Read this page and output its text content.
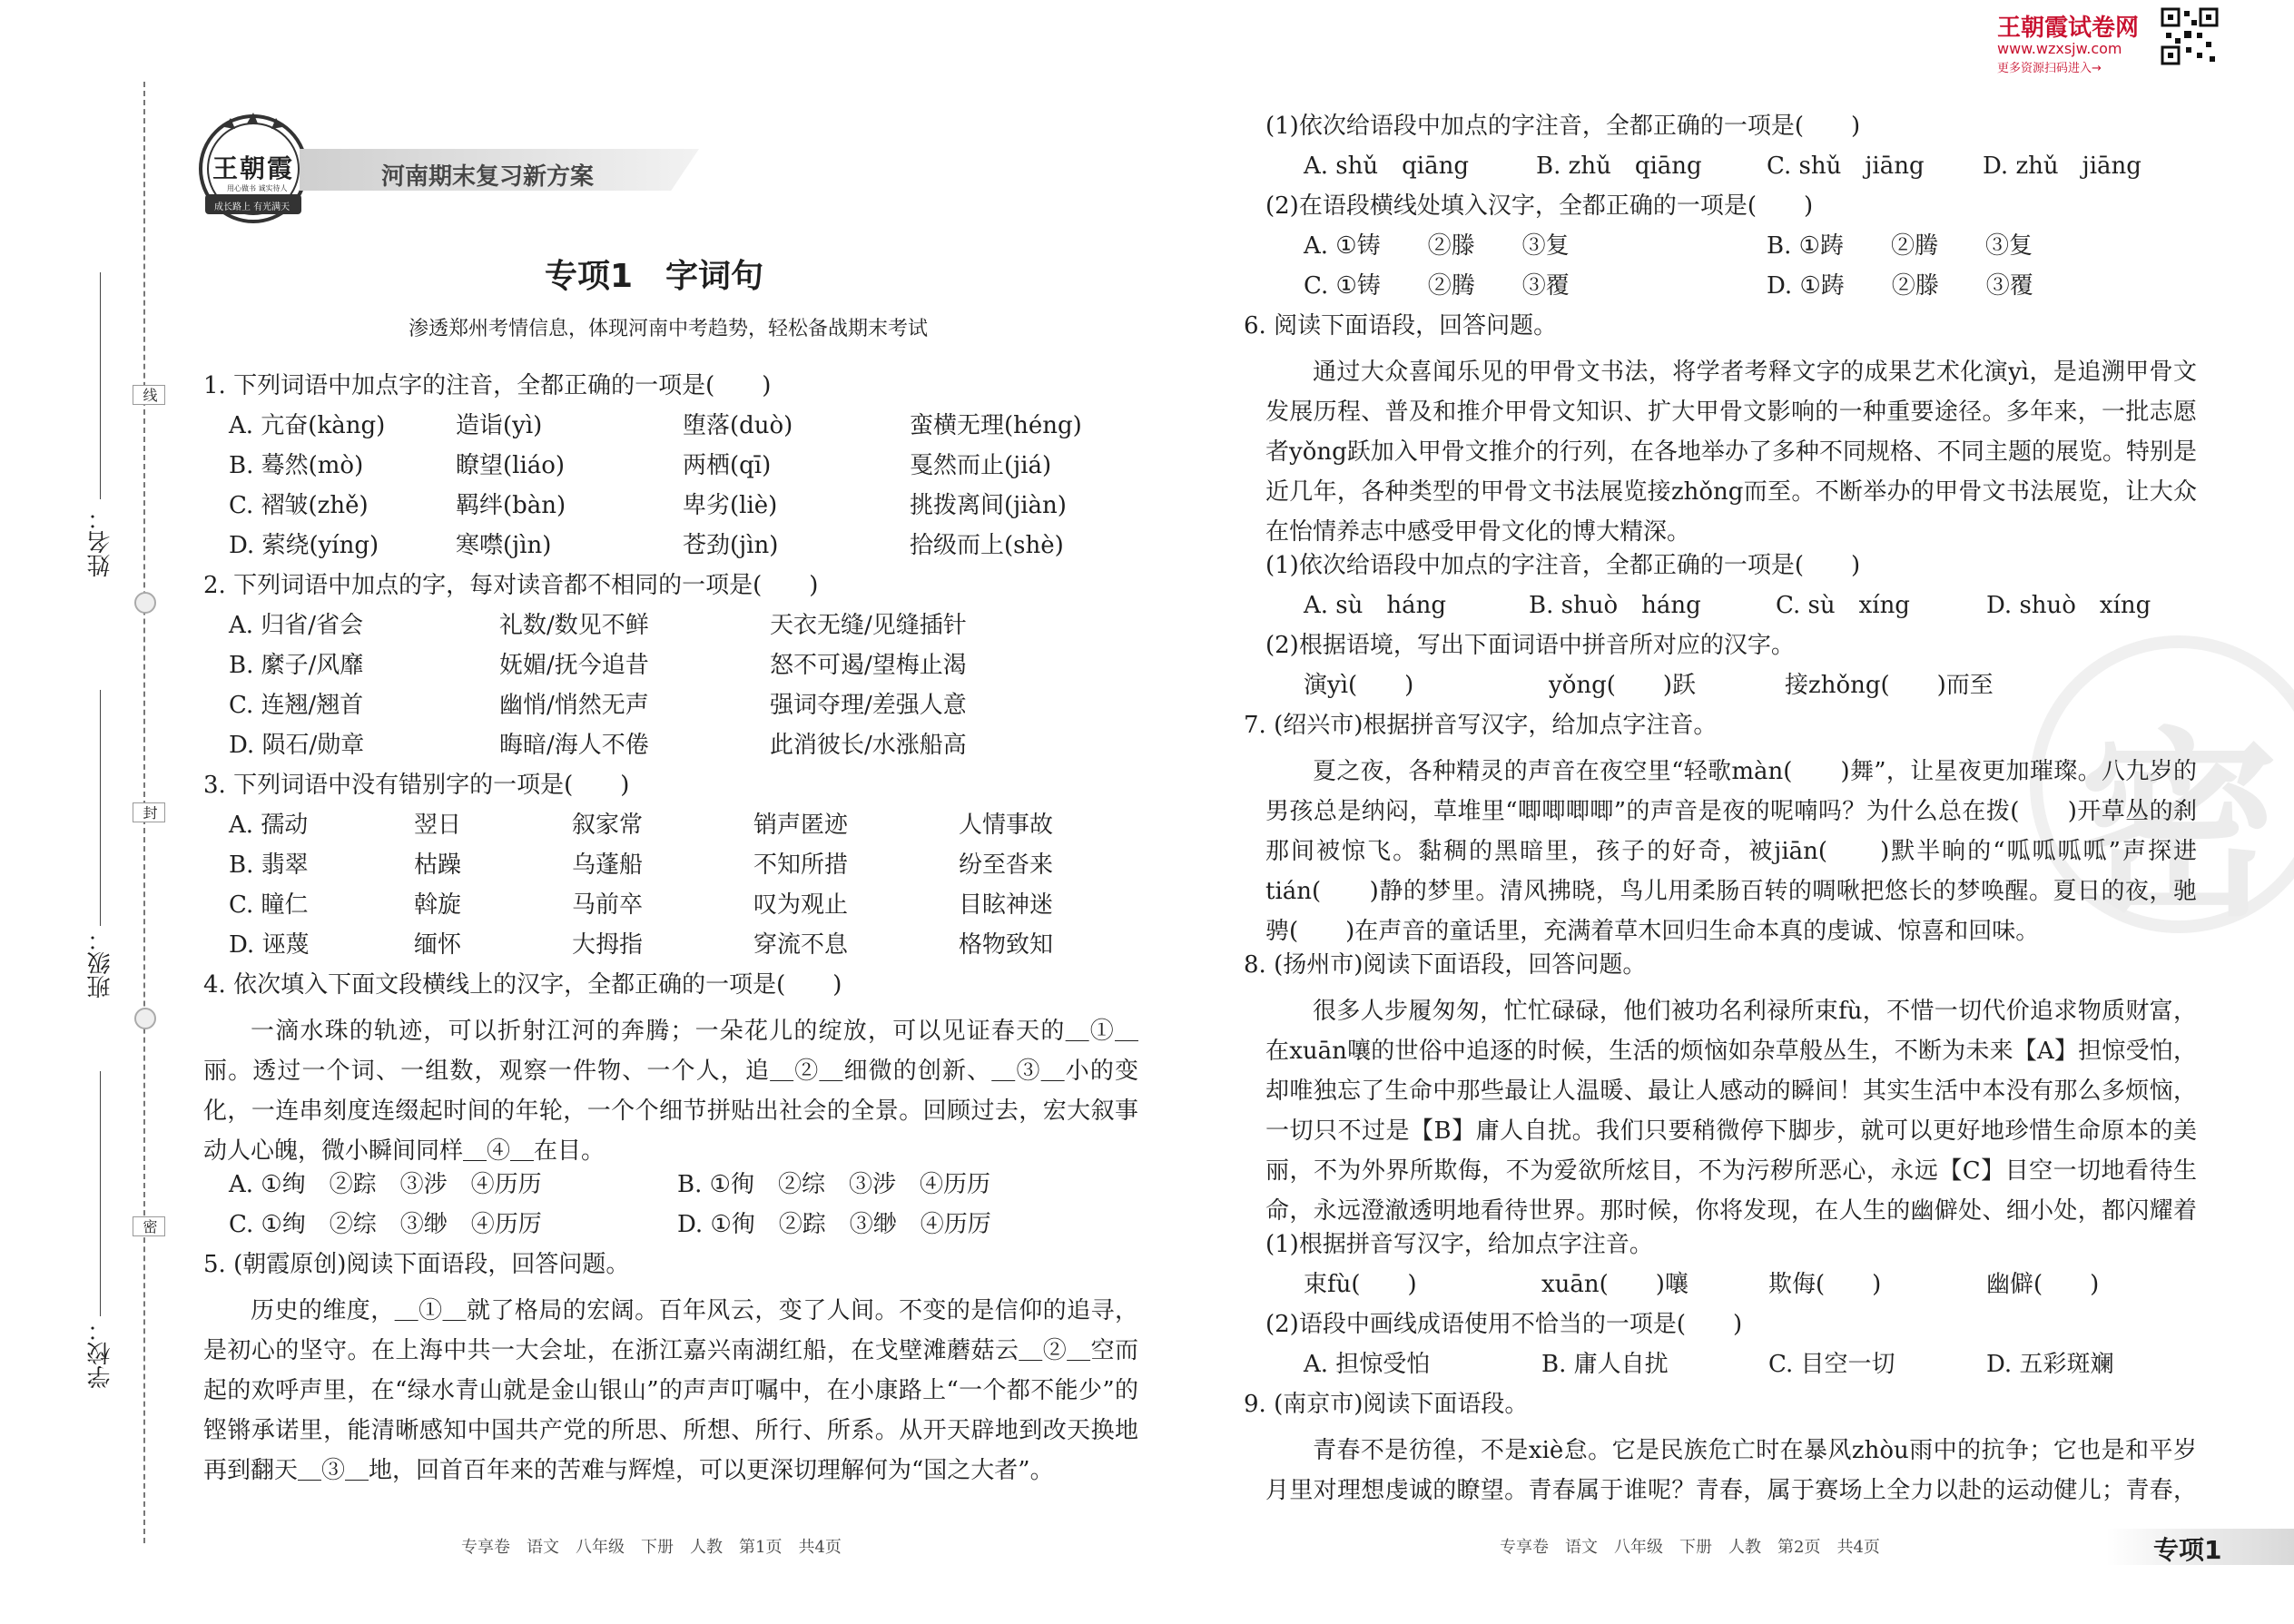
线
封
密
姓名：
班级：
学校：
王朝霞
用心做书 诚实待人
成长路上 有光满天
河南期末复习新方案
专项1　字词句
渗透郑州考情信息，体现河南中考趋势，轻松备战期末考试
1. 下列词语中加点字的注音，全都正确的一项是(　　)
A. 亢奋(kàng)	造诣(yì)	堕落(duò)	蛮横无理(héng)
B. 蓦然(mò)	瞭望(liáo)	两栖(qī)	戛然而止(jiá)
C. 褶皱(zhě)	羁绊(bàn)	卑劣(liè)	挑拨离间(jiàn)
D. 萦绕(yíng)	寒噤(jìn)	苍劲(jìn)	拾级而上(shè)
2. 下列词语中加点的字，每对读音都不相同的一项是(　　)
A. 归省/省会	礼数/数见不鲜	天衣无缝/见缝插针
B. 縻子/风靡	妩媚/抚今追昔	怒不可遏/望梅止渴
C. 连翘/翘首	幽悄/悄然无声	强词夺理/差强人意
D. 陨石/勋章	晦暗/海人不倦	此消彼长/水涨船高
3. 下列词语中没有错别字的一项是(　　)
A. 孺动	翌日	叙家常	销声匿迹	人情事故
B. 翡翠	枯躁	乌蓬船	不知所措	纷至沓来
C. 瞳仁	斡旋	马前卒	叹为观止	目眩神迷
D. 诬蔑	缅怀	大拇指	穿流不息	格物致知
4. 依次填入下面文段横线上的汉字，全都正确的一项是(　　)
一滴水珠的轨迹，可以折射江河的奔腾；一朵花儿的绽放，可以见证春天的＿①＿丽。透过一个词、一组数，观察一件物、一个人，追＿②＿细微的创新、＿③＿小的变化，一连串刻度连缀起时间的年轮，一个个细节拼贴出社会的全景。回顾过去，宏大叙事动人心魄，微小瞬间同样＿④＿在目。
A. ①绚　②踪　③涉　④历历	B. ①徇　②综　③涉　④历历
C. ①绚　②综　③缈　④历厉	D. ①徇　②踪　③缈　④历厉
5. (朝霞原创)阅读下面语段，回答问题。
历史的维度，＿①＿就了格局的宏阔。百年风云，变了人间。不变的是信仰的追寻，是初心的坚守。在上海中共一大会址，在浙江嘉兴南湖红船，在戈壁滩蘑菇云＿②＿空而起的欢呼声里，在“绿水青山就是金山银山”的声声叮嘱中，在小康路上“一个都不能少”的铿锵承诺里，能清晰感知中国共产党的所思、所想、所行、所系。从开天辟地到改天换地再到翻天＿③＿地，回首百年来的苦难与辉煌，可以更深切理解何为“国之大者”。
专享卷　语文　八年级　下册　人教　第1页　共4页
王朝霞试卷网
www.wzxsjw.com
更多资源扫码进入→
密
(1)依次给语段中加点的字注音，全都正确的一项是(　　)
A. shǔ　qiāng	B. zhǔ　qiāng	C. shǔ　jiāng D. zhǔ　jiāng
(2)在语段横线处填入汉字，全都正确的一项是(　　)
A. ①铸　　②滕　　③复	B. ①踌　　②腾　　③复
C. ①铸　　②腾　　③覆	D. ①踌　　②滕　　③覆
6. 阅读下面语段，回答问题。
通过大众喜闻乐见的甲骨文书法，将学者考释文字的成果艺术化演yì，是追溯甲骨文发展历程、普及和推介甲骨文知识、扩大甲骨文影响的一种重要途径。多年来，一批志愿者yǒng跃加入甲骨文推介的行列，在各地举办了多种不同规格、不同主题的展览。特别是近几年，各种类型的甲骨文书法展览接zhǒng而至。不断举办的甲骨文书法展览，让大众在怡情养志中感受甲骨文化的博大精深。
(1)依次给语段中加点的字注音，全都正确的一项是(　　)
A. sù　háng	B. shuò　háng	C. sù　xíng	D. shuò　xíng
(2)根据语境，写出下面词语中拼音所对应的汉字。
演yì(　　)	yǒng(　　)跃	接zhǒng(　　)而至
7. (绍兴市)根据拼音写汉字，给加点字注音。
夏之夜，各种精灵的声音在夜空里“轻歌màn(　　)舞”，让星夜更加璀璨。八九岁的男孩总是纳闷，草堆里“唧唧唧唧”的声音是夜的呢喃吗？为什么总在拨(　　)开草丛的刹那间被惊飞。黏稠的黑暗里，孩子的好奇，被jiān(　　)默半晌的“呱呱呱呱”声探进tián(　　)静的梦里。清风拂晓，鸟儿用柔肠百转的啁啾把悠长的梦唤醒。夏日的夜，驰骋(　　)在声音的童话里，充满着草木回归生命本真的虔诚、惊喜和回味。
8. (扬州市)阅读下面语段，回答问题。
很多人步履匆匆，忙忙碌碌，他们被功名利禄所束fù，不惜一切代价追求物质财富，在xuān嚷的世俗中追逐的时候，生活的烦恼如杂草般丛生，不断为未来【A】担惊受怕，却唯独忘了生命中那些最让人温暖、最让人感动的瞬间！其实生活中本没有那么多烦恼，一切只不过是【B】庸人自扰。我们只要稍微停下脚步，就可以更好地珍惜生命原本的美丽，不为外界所欺侮，不为爱欲所炫目，不为污秽所恶心，永远【C】目空一切地看待生命，永远澄澈透明地看待世界。那时候，你将发现，在人生的幽僻处、细小处，都闪耀着
(1)根据拼音写汉字，给加点字注音。
束fù(　　)	xuān(　　)嚷	欺侮(　　)	幽僻(　　)
(2)语段中画线成语使用不恰当的一项是(　　)
A. 担惊受怕	B. 庸人自扰	C. 目空一切	D. 五彩斑斓
9. (南京市)阅读下面语段。
青春不是彷徨，不是xiè怠。它是民族危亡时在暴风zhòu雨中的抗争；它也是和平岁月里对理想虔诚的瞭望。青春属于谁呢？青春，属于赛场上全力以赴的运动健儿；青春，
专享卷　语文　八年级　下册　人教　第2页　共4页	专项1
